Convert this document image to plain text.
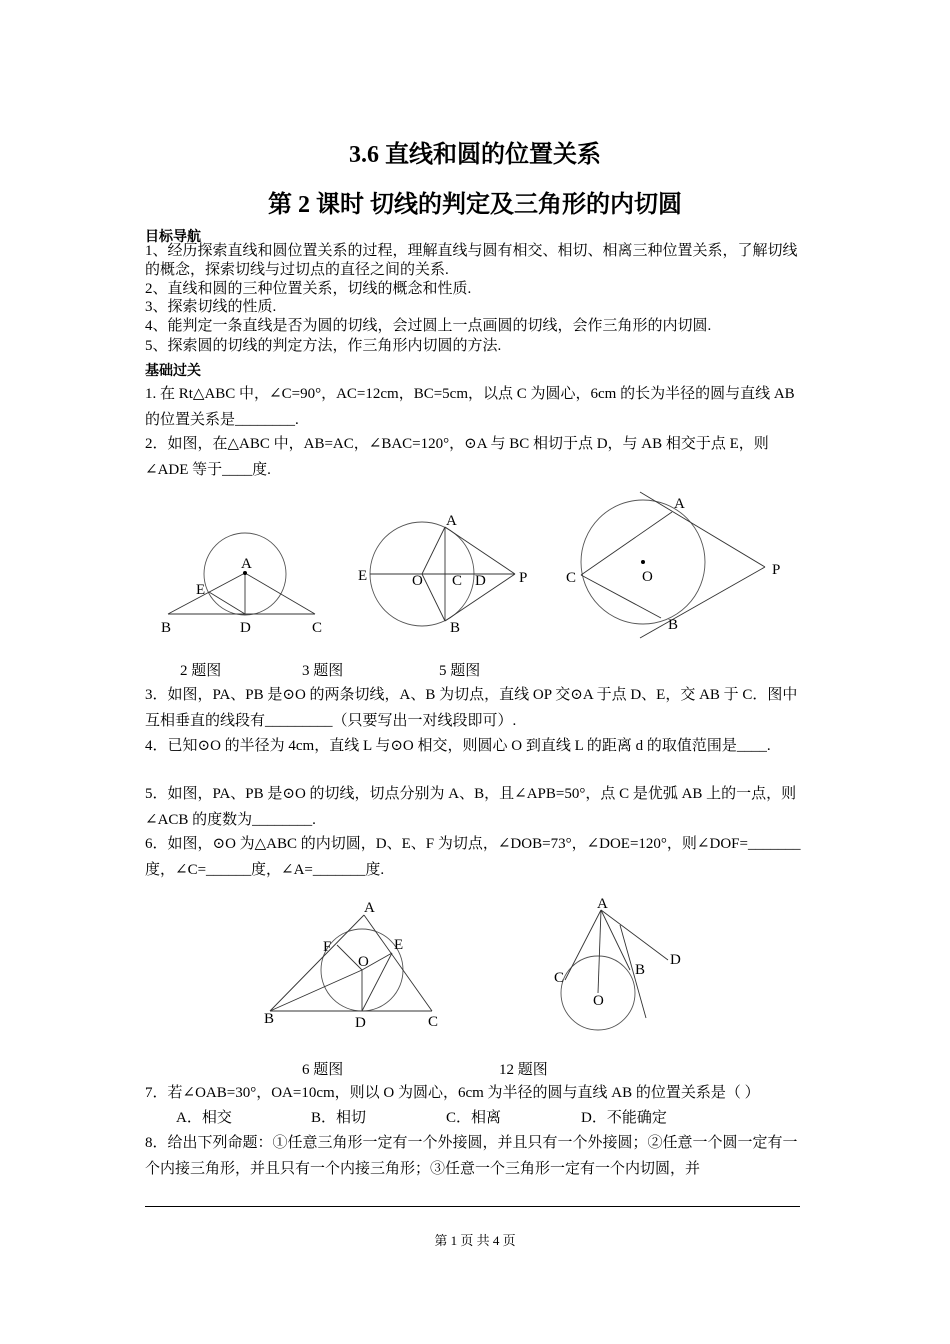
3.6 直线和圆的位置关系
第 2 课时 切线的判定及三角形的内切圆
目标导航
1、经历探索直线和圆位置关系的过程，理解直线与圆有相交、相切、相离三种位置关系，了解切线的概念，探索切线与过切点的直径之间的关系.
2、直线和圆的三种位置关系，切线的概念和性质.
3、探索切线的性质.
4、能判定一条直线是否为圆的切线，会过圆上一点画圆的切线，会作三角形的内切圆.
5、探索圆的切线的判定方法，作三角形内切圆的方法.
基础过关
1. 在 Rt△ABC 中，∠C=90°，AC=12cm，BC=5cm，以点 C 为圆心，6cm 的长为半径的圆与直线 AB 的位置关系是________.
2．如图，在△ABC 中，AB=AC，∠BAC=120°，⊙A 与 BC 相切于点 D，与 AB 相交于点 E，则∠ADE 等于____度.
A
E
B	D	C
A
E	O C D P
B
A
C	O	P
B
A
F	E
O
B	D	C
A
C	B
D
O
2 题图	3 题图	5 题图
3．如图，PA、PB 是⊙O 的两条切线，A、B 为切点，直线 OP 交⊙A 于点 D、E，交 AB 于 C．图中互相垂直的线段有_________（只要写出一对线段即可）.
4．已知⊙O 的半径为 4cm，直线 L 与⊙O 相交，则圆心 O 到直线 L 的距离 d 的取值范围是____.
5．如图，PA、PB 是⊙O 的切线，切点分别为 A、B，且∠APB=50°，点 C 是优弧 AB 上的一点，则∠ACB 的度数为________.
6．如图，⊙O 为△ABC 的内切圆，D、E、F 为切点，∠DOB=73°，∠DOE=120°，则∠DOF=_______度，∠C=______度，∠A=_______度.
6 题图	12 题图
7．若∠OAB=30°，OA=10cm，则以 O 为圆心，6cm 为半径的圆与直线 AB 的位置关系是（ ）
A．相交	B．相切	C．相离	D．不能确定
8．给出下列命题：①任意三角形一定有一个外接圆，并且只有一个外接圆；②任意一个圆一定有一个内接三角形，并且只有一个内接三角形；③任意一个三角形一定有一个内切圆，并
第 1 页 共 4 页
